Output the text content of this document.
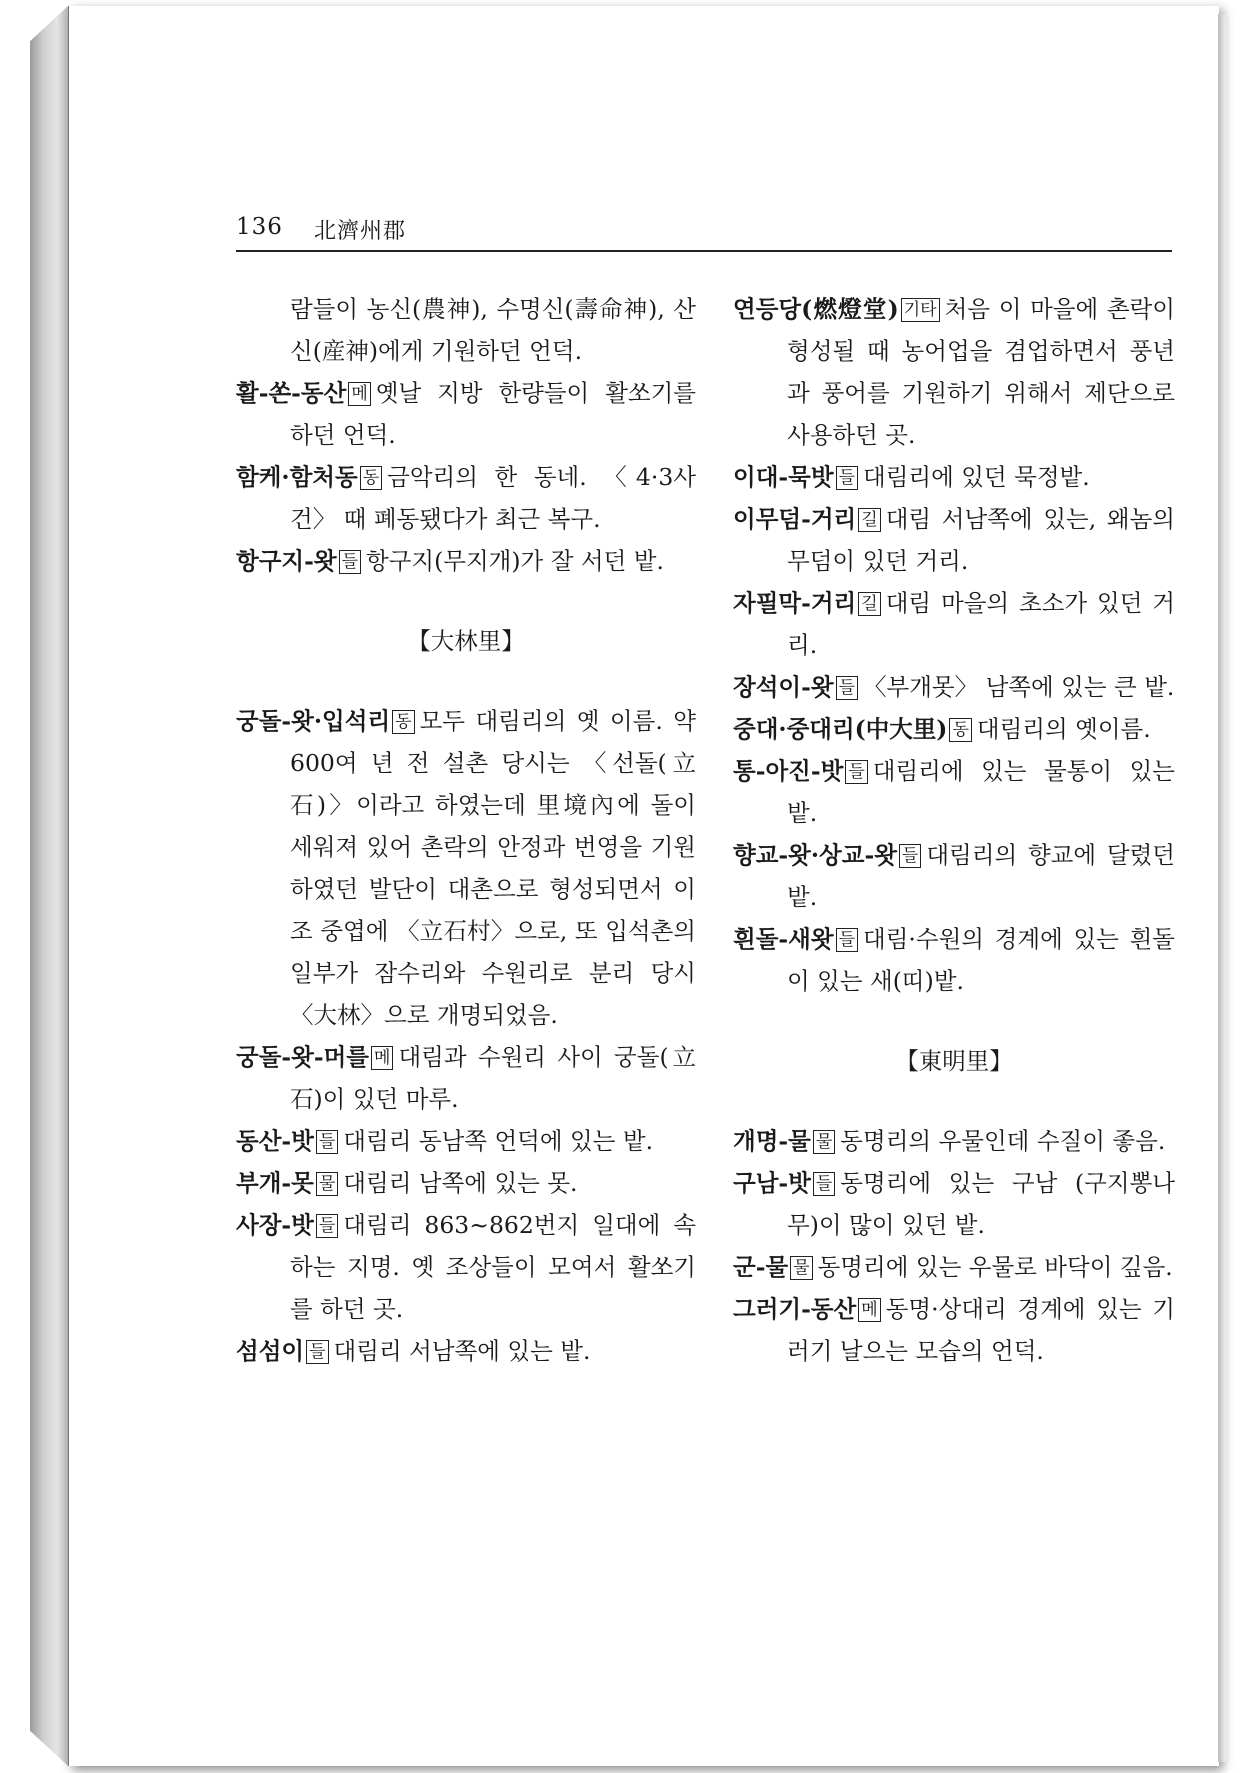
136 北濟州郡
람들이 농신(農神), 수명신(壽命神), 산신(産神)에게 기원하던 언덕.
활-쏜-동산 메 옛날 지방 한량들이 활쏘기를 하던 언덕.
함케·함처동 동 금악리의 한 동네. 〈4·3사건〉 때 폐동됐다가 최근 복구.
항구지-왓 들 항구지(무지개)가 잘 서던 밭.
【大林里】
궁돌-왓·입석리 동 모두 대림리의 옛 이름. 약 600여 년 전 설촌 당시는 〈선돌(立石)〉이라고 하였는데 里境內에 돌이 세워져 있어 촌락의 안정과 번영을 기원하였던 발단이 대촌으로 형성되면서 이조 중엽에 〈立石村〉으로, 또 입석촌의 일부가 잠수리와 수원리로 분리 당시 〈大林〉으로 개명되었음.
궁돌-왓-머를 메 대림과 수원리 사이 궁돌(立石)이 있던 마루.
동산-밧 들 대림리 동남쪽 언덕에 있는 밭.
부개-못 물 대림리 남쪽에 있는 못.
사장-밧 들 대림리 863~862번지 일대에 속하는 지명. 옛 조상들이 모여서 활쏘기를 하던 곳.
섬섬이 들 대림리 서남쪽에 있는 밭.
연등당(燃燈堂) 기타 처음 이 마을에 촌락이 형성될 때 농어업을 겸업하면서 풍년과 풍어를 기원하기 위해서 제단으로 사용하던 곳.
이대-묵밧 들 대림리에 있던 묵정밭.
이무덤-거리 길 대림 서남쪽에 있는, 왜놈의 무덤이 있던 거리.
자필막-거리 길 대림 마을의 초소가 있던 거리.
장석이-왓 들 〈부개못〉 남쪽에 있는 큰 밭.
중대·중대리(中大里) 동 대림리의 옛이름.
통-아진-밧 들 대림리에 있는 물통이 있는 밭.
향교-왓·상교-왓 들 대림리의 향교에 달렸던 밭.
흰돌-새왓 들 대림·수원의 경계에 있는 흰돌이 있는 새(띠)밭.
【東明里】
개명-물 물 동명리의 우물인데 수질이 좋음.
구남-밧 들 동명리에 있는 구남 (구지뽕나무)이 많이 있던 밭.
군-물 물 동명리에 있는 우물로 바닥이 깊음.
그러기-동산 메 동명·상대리 경계에 있는 기러기 날으는 모습의 언덕.
